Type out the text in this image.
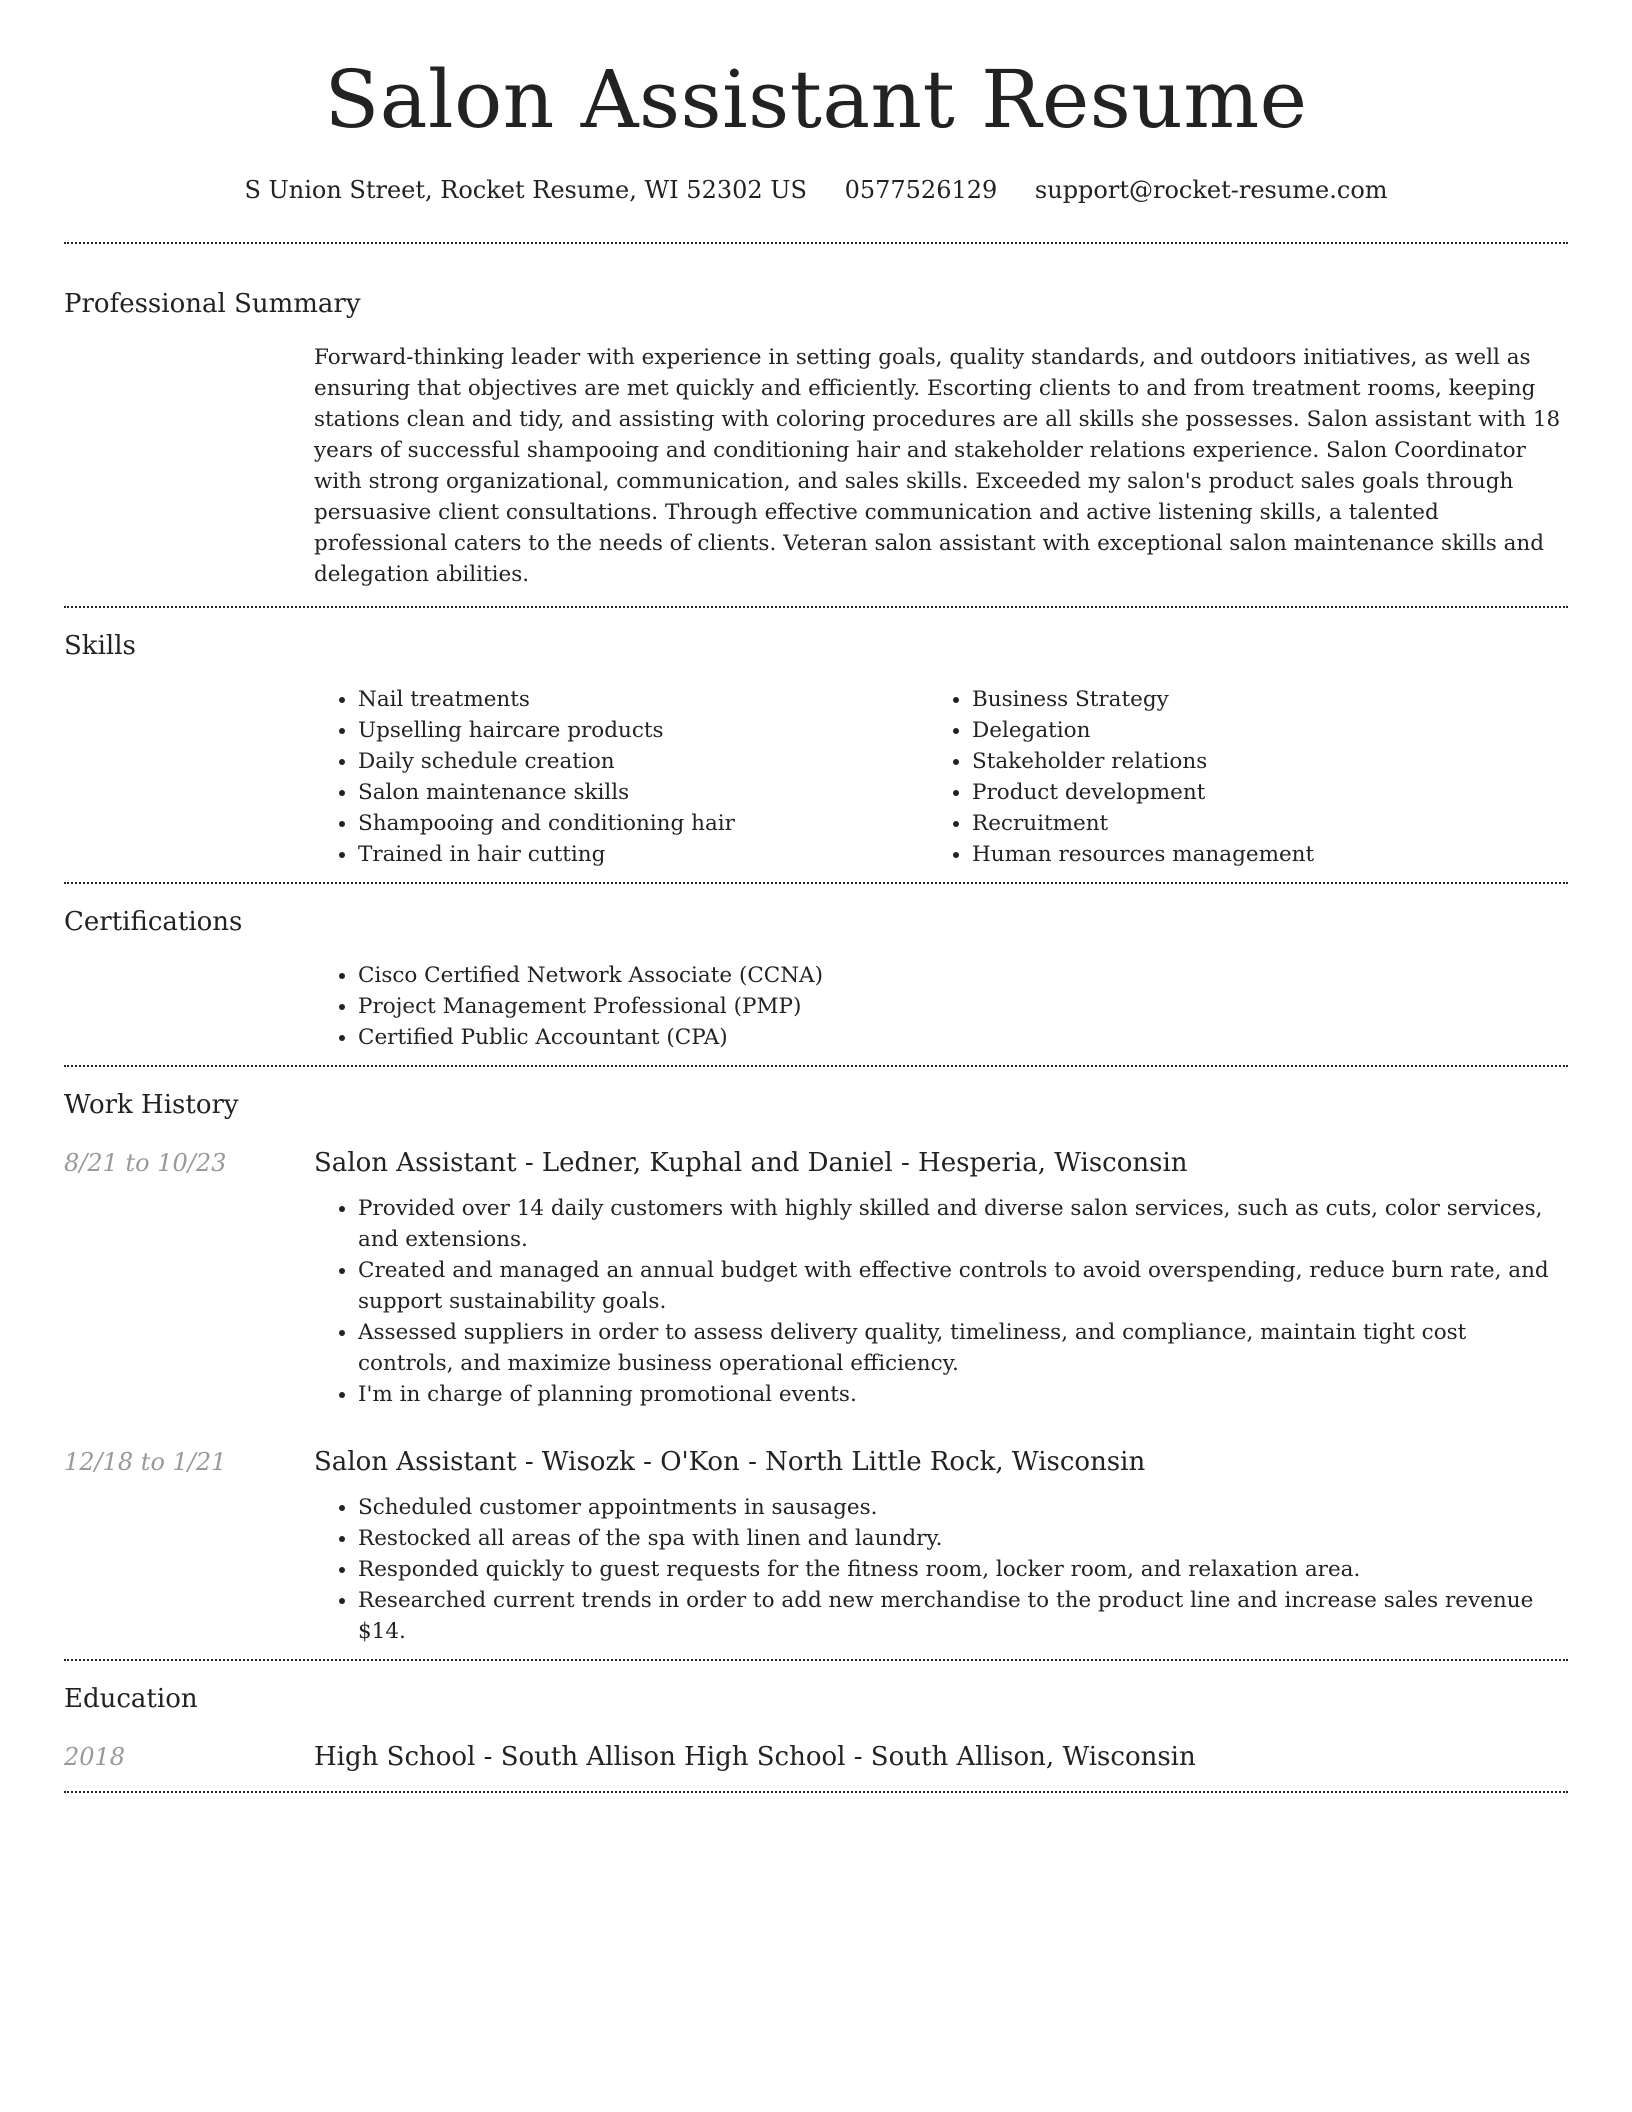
Salon Assistant Resume
S Union Street, Rocket Resume, WI 52302 US 0577526129 support@rocket-resume.com
Professional Summary
Forward-thinking leader with experience in setting goals, quality standards, and outdoors initiatives, as well as ensuring that objectives are met quickly and efficiently. Escorting clients to and from treatment rooms, keeping stations clean and tidy, and assisting with coloring procedures are all skills she possesses. Salon assistant with 18 years of successful shampooing and conditioning hair and stakeholder relations experience. Salon Coordinator with strong organizational, communication, and sales skills. Exceeded my salon's product sales goals through persuasive client consultations. Through effective communication and active listening skills, a talented professional caters to the needs of clients. Veteran salon assistant with exceptional salon maintenance skills and delegation abilities.
Skills
• Nail treatments
• Upselling haircare products
• Daily schedule creation
• Salon maintenance skills
• Shampooing and conditioning hair
• Trained in hair cutting
• Business Strategy
• Delegation
• Stakeholder relations
• Product development
• Recruitment
• Human resources management
Certifications
• Cisco Certified Network Associate (CCNA)
• Project Management Professional (PMP)
• Certified Public Accountant (CPA)
Work History
8/21 to 10/23	Salon Assistant - Ledner, Kuphal and Daniel - Hesperia, Wisconsin
• Provided over 14 daily customers with highly skilled and diverse salon services, such as cuts, color services, and extensions.
• Created and managed an annual budget with effective controls to avoid overspending, reduce burn rate, and support sustainability goals.
• Assessed suppliers in order to assess delivery quality, timeliness, and compliance, maintain tight cost controls, and maximize business operational efficiency.
• I'm in charge of planning promotional events.
12/18 to 1/21	Salon Assistant - Wisozk - O'Kon - North Little Rock, Wisconsin
• Scheduled customer appointments in sausages.
• Restocked all areas of the spa with linen and laundry.
• Responded quickly to guest requests for the fitness room, locker room, and relaxation area.
• Researched current trends in order to add new merchandise to the product line and increase sales revenue $14.
Education
2018	High School - South Allison High School - South Allison, Wisconsin
